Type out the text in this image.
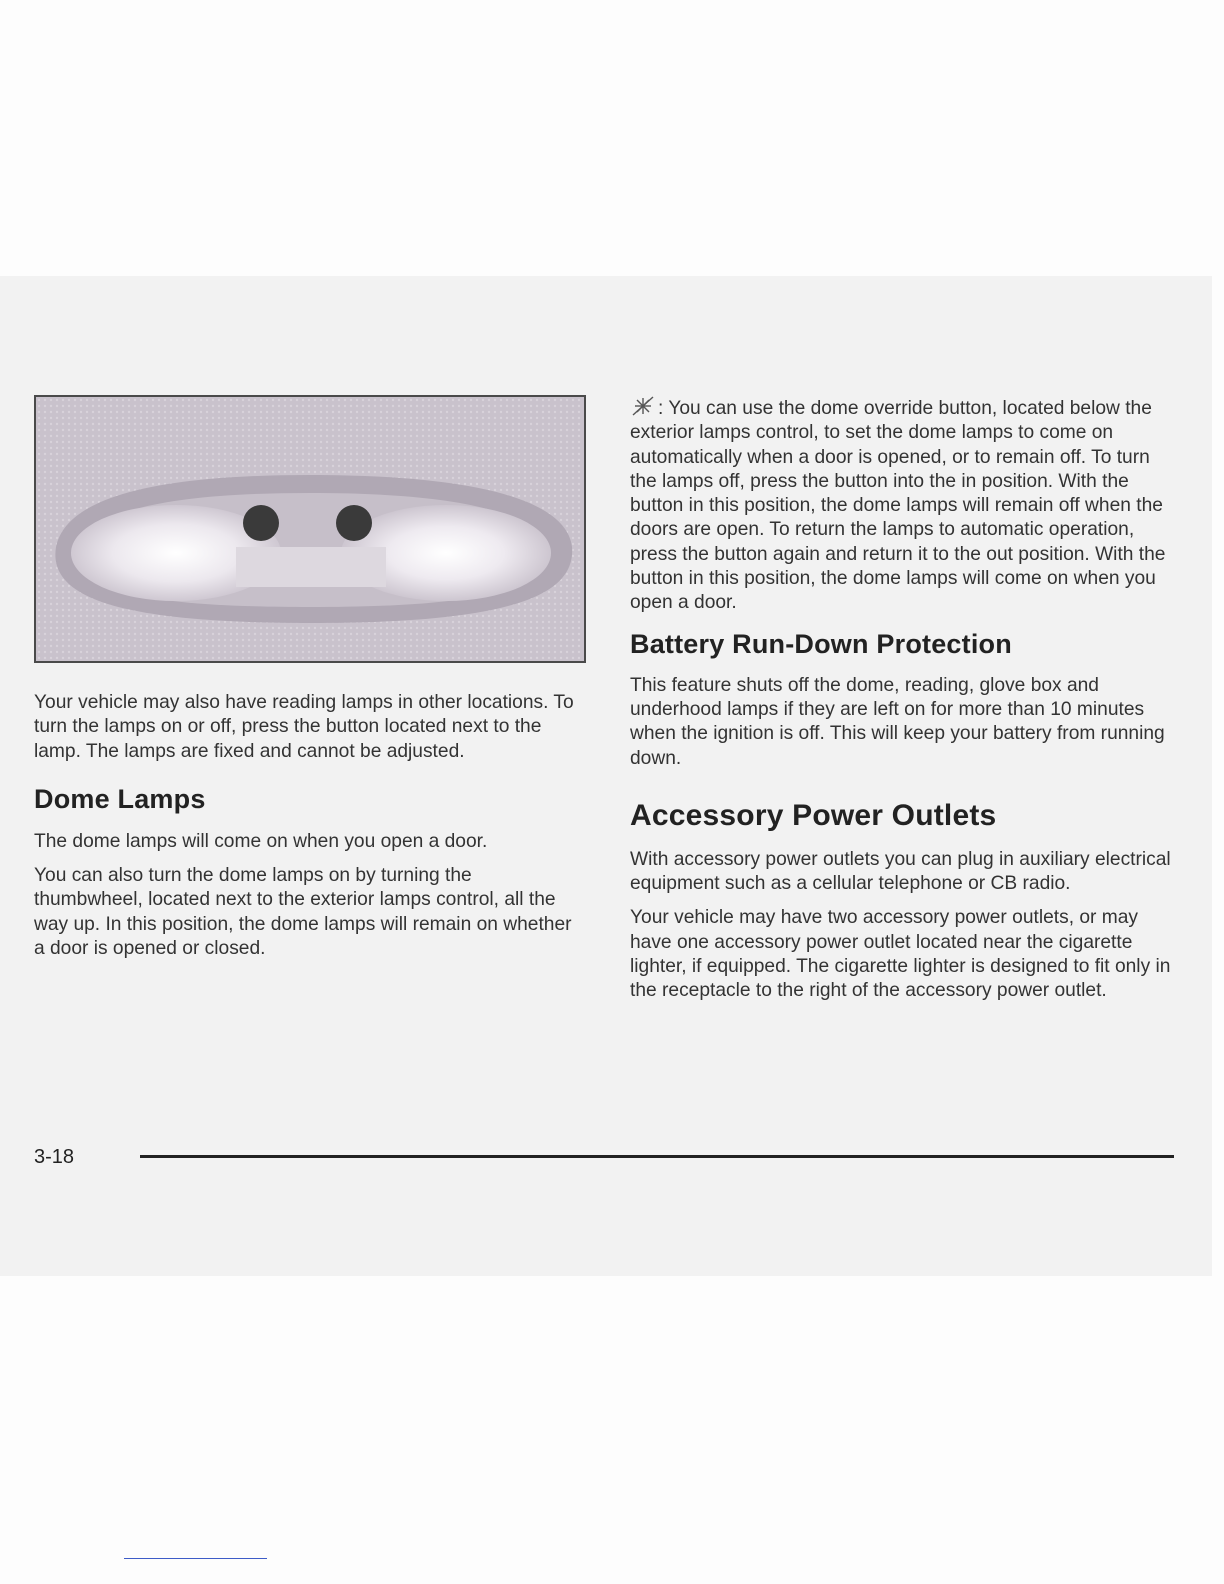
Your vehicle may also have reading lamps in other locations. To turn the lamps on or off, press the button located next to the lamp. The lamps are fixed and cannot be adjusted.

Dome Lamps

The dome lamps will come on when you open a door.

You can also turn the dome lamps on by turning the thumbwheel, located next to the exterior lamps control, all the way up. In this position, the dome lamps will remain on whether a door is opened or closed.

: You can use the dome override button, located below the exterior lamps control, to set the dome lamps to come on automatically when a door is opened, or to remain off. To turn the lamps off, press the button into the in position. With the button in this position, the dome lamps will remain off when the doors are open. To return the lamps to automatic operation, press the button again and return it to the out position. With the button in this position, the dome lamps will come on when you open a door.

Battery Run-Down Protection

This feature shuts off the dome, reading, glove box and underhood lamps if they are left on for more than 10 minutes when the ignition is off. This will keep your battery from running down.

Accessory Power Outlets

With accessory power outlets you can plug in auxiliary electrical equipment such as a cellular telephone or CB radio.

Your vehicle may have two accessory power outlets, or may have one accessory power outlet located near the cigarette lighter, if equipped. The cigarette lighter is designed to fit only in the receptacle to the right of the accessory power outlet.

3-18
